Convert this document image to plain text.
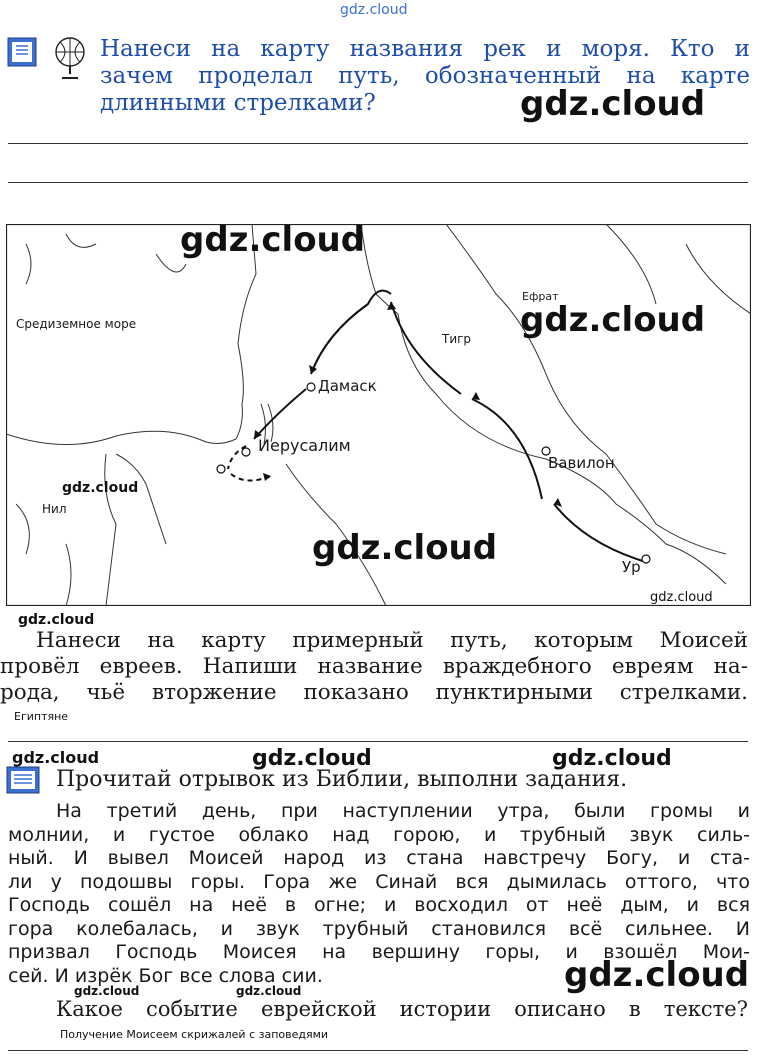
gdz.cloud
Нанеси на карту названия рек и моря. Кто и
зачем проделал путь, обозначенный на карте
длинными стрелками?	gdz.cloud
Средиземное море
Ефрат
Тигр
Дамаск
Иерусалим
Вавилон
Нил
Ур
gdz.cloud
gdz.cloud
gdz.cloud
gdz.cloud
gdz.cloud
gdz.cloud
Нанеси на карту примерный путь, которым Моисей
провёл евреев. Напиши название враждебного евреям на-
рода, чьё вторжение показано пунктирными стрелками.
Египтяне
gdz.cloud	gdz.cloud	gdz.cloud
Прочитай отрывок из Библии, выполни задания.
На третий день, при наступлении утра, были громы и
молнии, и густое облако над горою, и трубный звук силь-
ный. И вывел Моисей народ из стана навстречу Богу, и ста-
ли у подошвы горы. Гора же Синай вся дымилась оттого, что
Господь сошёл на неё в огне; и восходил от неё дым, и вся
гора колебалась, и звук трубный становился всё сильнее. И
призвал Господь Моисея на вершину горы, и взошёл Мои-
сей. И изрёк Бог все слова сии.	gdz.cloud
gdz.cloud	gdz.cloud
Какое событие еврейской истории описано в тексте?
Получение Моисеем скрижалей с заповедями
